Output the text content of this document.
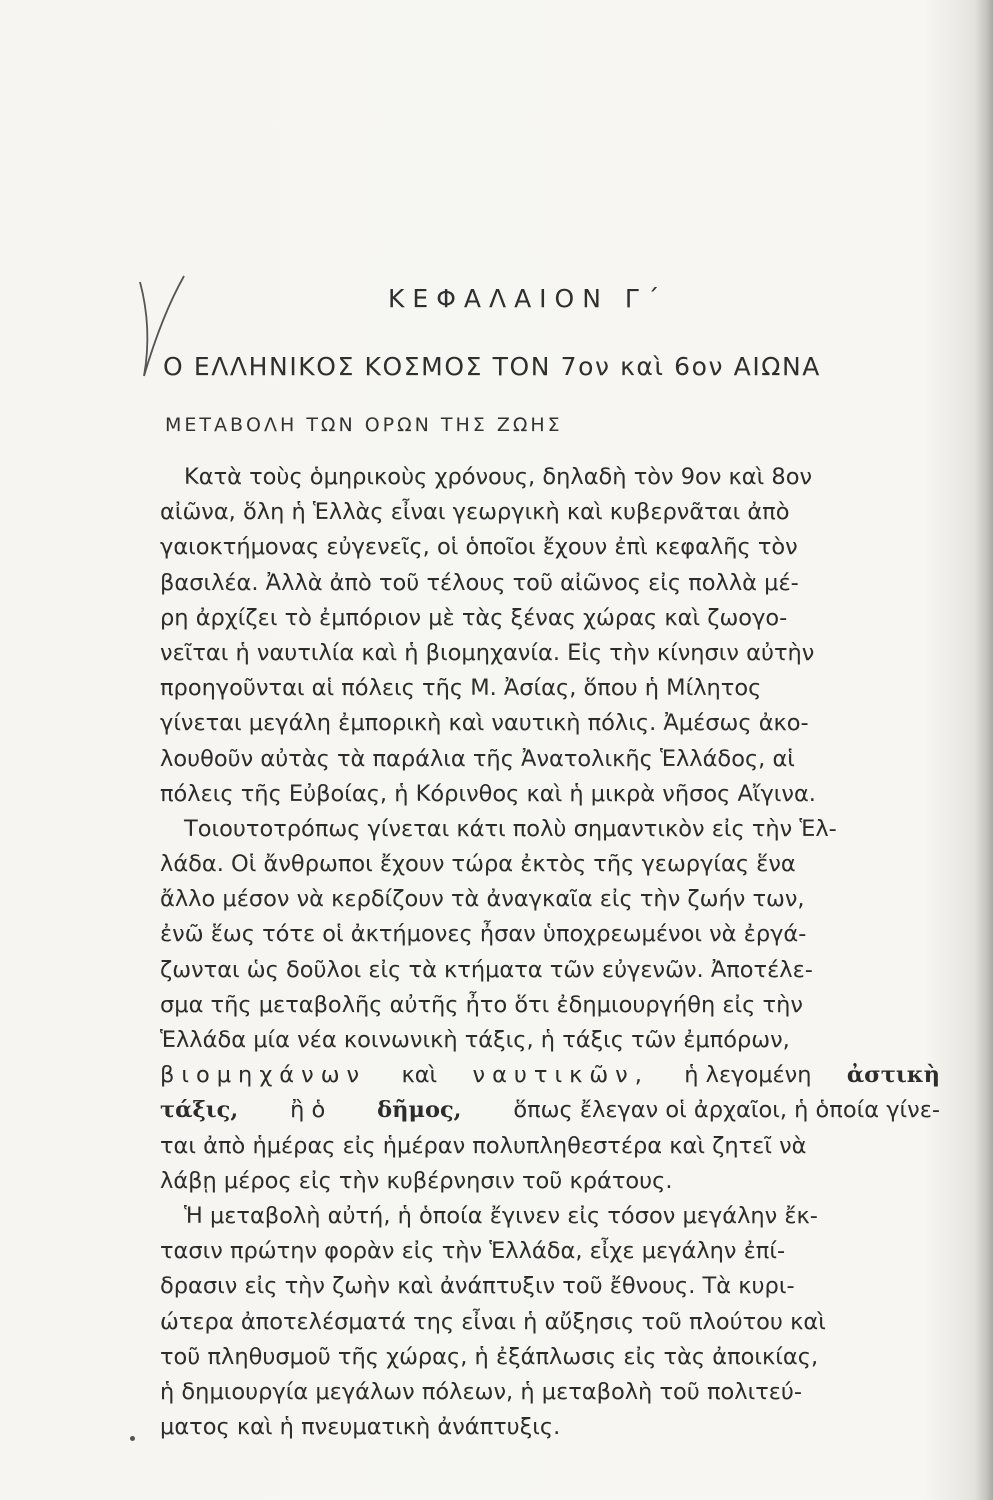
ΚΕΦΑΛΑΙΟΝ Γ΄
Ο ΕΛΛΗΝΙΚΟΣ ΚΟΣΜΟΣ ΤΟΝ 7ον καὶ 6ον ΑΙΩΝΑ
ΜΕΤΑΒΟΛΗ ΤΩΝ ΟΡΩΝ ΤΗΣ ΖΩΗΣ
Κατὰ τοὺς ὁμηρικοὺς χρόνους, δηλαδὴ τὸν 9ον καὶ 8ον
αἰῶνα, ὅλη ἡ Ἑλλὰς εἶναι γεωργικὴ καὶ κυβερνᾶται ἀπὸ
γαιοκτήμονας εὐγενεῖς, οἱ ὁποῖοι ἔχουν ἐπὶ κεφαλῆς τὸν
βασιλέα. Ἀλλὰ ἀπὸ τοῦ τέλους τοῦ αἰῶνος εἰς πολλὰ μέ-
ρη ἀρχίζει τὸ ἐμπόριον μὲ τὰς ξένας χώρας καὶ ζωογο-
νεῖται ἡ ναυτιλία καὶ ἡ βιομηχανία. Εἰς τὴν κίνησιν αὐτὴν
προηγοῦνται αἱ πόλεις τῆς Μ. Ἀσίας, ὅπου ἡ Μίλητος
γίνεται μεγάλη ἐμπορικὴ καὶ ναυτικὴ πόλις. Ἀμέσως ἀκο-
λουθοῦν αὐτὰς τὰ παράλια τῆς Ἀνατολικῆς Ἑλλάδος, αἱ
πόλεις τῆς Εὐβοίας, ἡ Κόρινθος καὶ ἡ μικρὰ νῆσος Αἴγινα.
Τοιουτοτρόπως γίνεται κάτι πολὺ σημαντικὸν εἰς τὴν Ἑλ-
λάδα. Οἱ ἄνθρωποι ἔχουν τώρα ἐκτὸς τῆς γεωργίας ἕνα
ἄλλο μέσον νὰ κερδίζουν τὰ ἀναγκαῖα εἰς τὴν ζωήν των,
ἐνῶ ἕως τότε οἱ ἀκτήμονες ἦσαν ὑποχρεωμένοι νὰ ἐργά-
ζωνται ὡς δοῦλοι εἰς τὰ κτήματα τῶν εὐγενῶν. Ἀποτέλε-
σμα τῆς μεταβολῆς αὐτῆς ἦτο ὅτι ἐδημιουργήθη εἰς τὴν
Ἑλλάδα μία νέα κοινωνικὴ τάξις, ἡ τάξις τῶν ἐμπόρων,
βιομηχάνων καὶ ναυτικῶν, ἡ λεγομένη ἀστικὴ
τάξις, ἢ ὁ δῆμος, ὅπως ἔλεγαν οἱ ἀρχαῖοι, ἡ ὁποία γίνε-
ται ἀπὸ ἡμέρας εἰς ἡμέραν πολυπληθεστέρα καὶ ζητεῖ νὰ
λάβῃ μέρος εἰς τὴν κυβέρνησιν τοῦ κράτους.
Ἡ μεταβολὴ αὐτή, ἡ ὁποία ἔγινεν εἰς τόσον μεγάλην ἔκ-
τασιν πρώτην φορὰν εἰς τὴν Ἑλλάδα, εἶχε μεγάλην ἐπί-
δρασιν εἰς τὴν ζωὴν καὶ ἀνάπτυξιν τοῦ ἔθνους. Τὰ κυρι-
ώτερα ἀποτελέσματά της εἶναι ἡ αὔξησις τοῦ πλούτου καὶ
τοῦ πληθυσμοῦ τῆς χώρας, ἡ ἐξάπλωσις εἰς τὰς ἀποικίας,
ἡ δημιουργία μεγάλων πόλεων, ἡ μεταβολὴ τοῦ πολιτεύ-
ματος καὶ ἡ πνευματικὴ ἀνάπτυξις.
